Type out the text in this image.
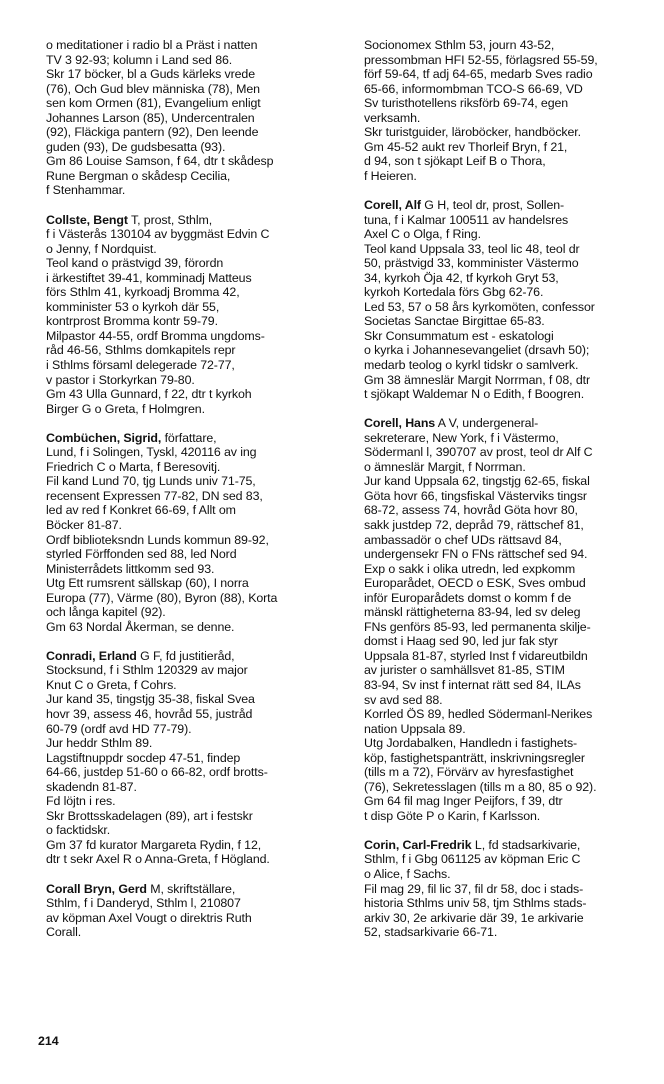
o meditationer i radio bl a Präst i natten
TV 3 92-93; kolumn i Land sed 86.
Skr 17 böcker, bl a Guds kärleks vrede
(76), Och Gud blev människa (78), Men
sen kom Ormen (81), Evangelium enligt
Johannes Larson (85), Undercentralen
(92), Fläckiga pantern (92), Den leende
guden (93), De gudsbesatta (93).
Gm 86 Louise Samson, f 64, dtr t skådesp
Rune Bergman o skådesp Cecilia,
f Stenhammar.
Collste, Bengt T, prost, Sthlm,
f i Västerås 130104 av byggmäst Edvin C
o Jenny, f Nordquist.
Teol kand o prästvigd 39, förordn
i ärkestiftet 39-41, komminadj Matteus
förs Sthlm 41, kyrkoadj Bromma 42,
komminister 53 o kyrkoh där 55,
kontrprost Bromma kontr 59-79.
Milpastor 44-55, ordf Bromma ungdoms-
råd 46-56, Sthlms domkapitels repr
i Sthlms församl delegerade 72-77,
v pastor i Storkyrkan 79-80.
Gm 43 Ulla Gunnard, f 22, dtr t kyrkoh
Birger G o Greta, f Holmgren.
Combüchen, Sigrid, författare,
Lund, f i Solingen, Tyskl, 420116 av ing
Friedrich C o Marta, f Beresovitj.
Fil kand Lund 70, tjg Lunds univ 71-75,
recensent Expressen 77-82, DN sed 83,
led av red f Konkret 66-69, f Allt om
Böcker 81-87.
Ordf biblioteksndn Lunds kommun 89-92,
styrled Förffonden sed 88, led Nord
Ministerrådets littkomm sed 93.
Utg Ett rumsrent sällskap (60), I norra
Europa (77), Värme (80), Byron (88), Korta
och långa kapitel (92).
Gm 63 Nordal Åkerman, se denne.
Conradi, Erland G F, fd justitieråd,
Stocksund, f i Sthlm 120329 av major
Knut C o Greta, f Cohrs.
Jur kand 35, tingstjg 35-38, fiskal Svea
hovr 39, assess 46, hovråd 55, justråd
60-79 (ordf avd HD 77-79).
Jur heddr Sthlm 89.
Lagstiftnuppdr socdep 47-51, findep
64-66, justdep 51-60 o 66-82, ordf brotts-
skadendn 81-87.
Fd löjtn i res.
Skr Brottsskadelagen (89), art i festskr
o facktidskr.
Gm 37 fd kurator Margareta Rydin, f 12,
dtr t sekr Axel R o Anna-Greta, f Högland.
Corall Bryn, Gerd M, skriftställare,
Sthlm, f i Danderyd, Sthlm l, 210807
av köpman Axel Vougt o direktris Ruth
Corall.
Socionomex Sthlm 53, journ 43-52,
pressombman HFI 52-55, förlagsred 55-59,
förf 59-64, tf adj 64-65, medarb Sves radio
65-66, informombman TCO-S 66-69, VD
Sv turisthotellens riksförb 69-74, egen
verksamh.
Skr turistguider, läroböcker, handböcker.
Gm 45-52 aukt rev Thorleif Bryn, f 21,
d 94, son t sjökapt Leif B o Thora,
f Heieren.
Corell, Alf G H, teol dr, prost, Sollen-
tuna, f i Kalmar 100511 av handelsres
Axel C o Olga, f Ring.
Teol kand Uppsala 33, teol lic 48, teol dr
50, prästvigd 33, komminister Västermo
34, kyrkoh Öja 42, tf kyrkoh Gryt 53,
kyrkoh Kortedala förs Gbg 62-76.
Led 53, 57 o 58 års kyrkomöten, confessor
Societas Sanctae Birgittae 65-83.
Skr Consummatum est - eskatologi
o kyrka i Johannesevangeliet (drsavh 50);
medarb teolog o kyrkl tidskr o samlverk.
Gm 38 ämneslär Margit Norrman, f 08, dtr
t sjökapt Waldemar N o Edith, f Boogren.
Corell, Hans A V, undergeneral-
sekreterare, New York, f i Västermo,
Södermanl l, 390707 av prost, teol dr Alf C
o ämneslär Margit, f Norrman.
Jur kand Uppsala 62, tingstjg 62-65, fiskal
Göta hovr 66, tingsfiskal Västerviks tingsr
68-72, assess 74, hovråd Göta hovr 80,
sakk justdep 72, depråd 79, rättschef 81,
ambassadör o chef UDs rättsavd 84,
undergensekr FN o FNs rättschef sed 94.
Exp o sakk i olika utredn, led expkomm
Europarådet, OECD o ESK, Sves ombud
inför Europarådets domst o komm f de
mänskl rättigheterna 83-94, led sv deleg
FNs genförs 85-93, led permanenta skilje-
domst i Haag sed 90, led jur fak styr
Uppsala 81-87, styrled Inst f vidareutbildn
av jurister o samhällsvet 81-85, STIM
83-94, Sv inst f internat rätt sed 84, ILAs
sv avd sed 88.
Korrled ÖS 89, hedled Södermanl-Nerikes
nation Uppsala 89.
Utg Jordabalken, Handledn i fastighets-
köp, fastighetspanträtt, inskrivningsregler
(tills m a 72), Förvärv av hyresfastighet
(76), Sekretesslagen (tills m a 80, 85 o 92).
Gm 64 fil mag Inger Peijfors, f 39, dtr
t disp Göte P o Karin, f Karlsson.
Corin, Carl-Fredrik L, fd stadsarkivarie,
Sthlm, f i Gbg 061125 av köpman Eric C
o Alice, f Sachs.
Fil mag 29, fil lic 37, fil dr 58, doc i stads-
historia Sthlms univ 58, tjm Sthlms stads-
arkiv 30, 2e arkivarie där 39, 1e arkivarie
52, stadsarkivarie 66-71.
214
